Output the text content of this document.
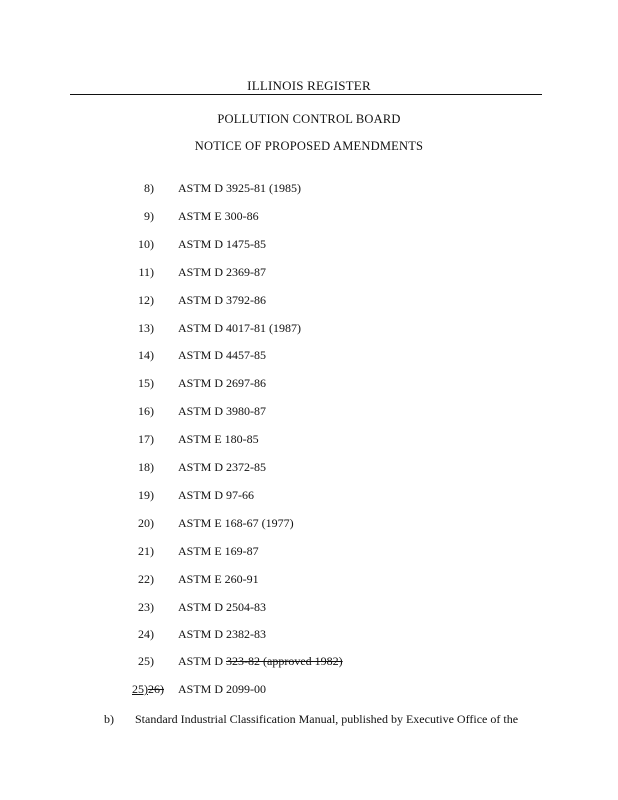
ILLINOIS REGISTER
POLLUTION CONTROL BOARD
NOTICE OF PROPOSED AMENDMENTS
8) ASTM D 3925-81 (1985)
9) ASTM E 300-86
10) ASTM D 1475-85
11) ASTM D 2369-87
12) ASTM D 3792-86
13) ASTM D 4017-81 (1987)
14) ASTM D 4457-85
15) ASTM D 2697-86
16) ASTM D 3980-87
17) ASTM E 180-85
18) ASTM D 2372-85
19) ASTM D 97-66
20) ASTM E 168-67 (1977)
21) ASTM E 169-87
22) ASTM E 260-91
23) ASTM D 2504-83
24) ASTM D 2382-83
25) ASTM D 323-82 (approved 1982)
25)26) ASTM D 2099-00
b) Standard Industrial Classification Manual, published by Executive Office of the
